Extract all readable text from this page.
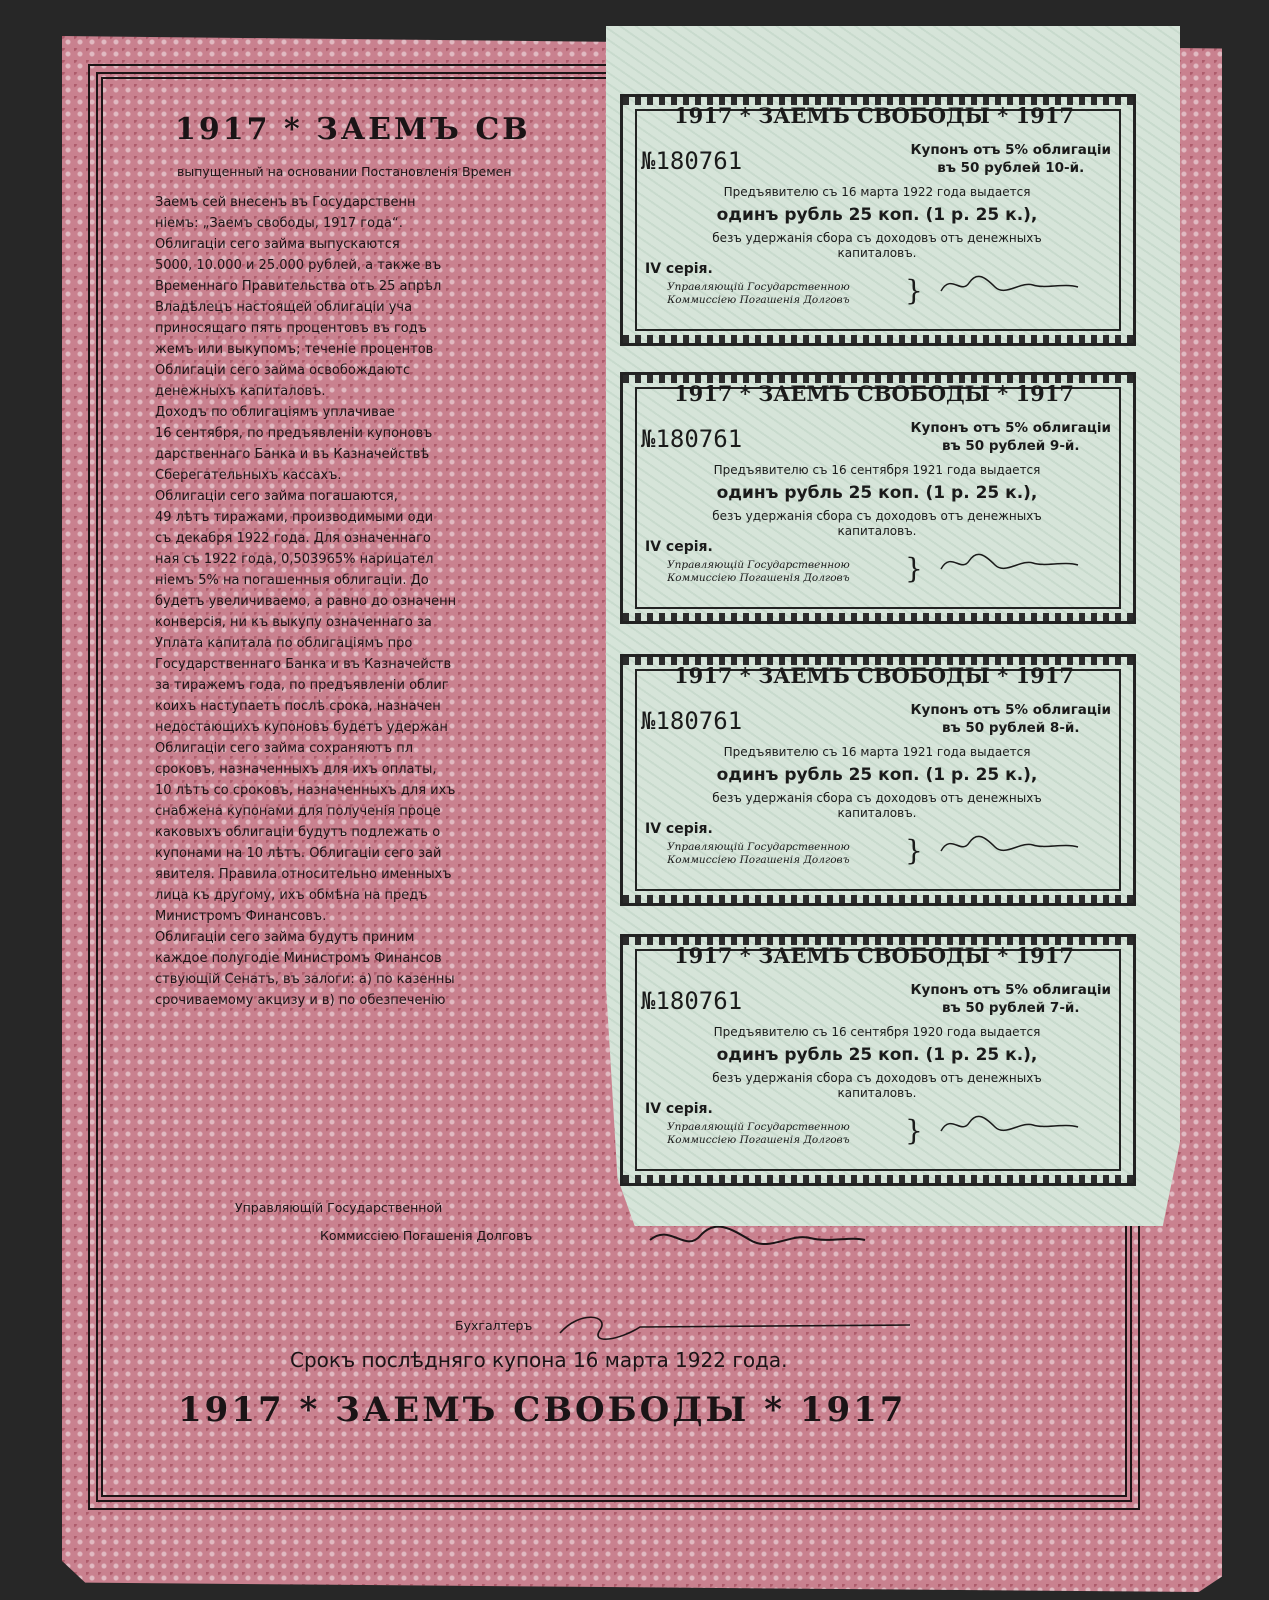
1917 * ЗАЕМЪ СВ
выпущенный на основании Постановленія Времен

Заемъ сей внесенъ въ Государственн

ніемъ: „Заемъ свободы, 1917 года“.

Облигаціи сего займа выпускаются

5000, 10.000 и 25.000 рублей, а также въ

Временнаго Правительства отъ 25 апрѣл

Владѣлецъ настоящей облигаціи уча

приносящаго пять процентовъ въ годъ

жемъ или выкупомъ; теченіе процентов

Облигаціи сего займа освобождаютс

денежныхъ капиталовъ.

Доходъ по облигаціямъ уплачивае

16 сентября, по предъявленіи купоновъ

дарственнаго Банка и въ Казначействѣ

Сберегательныхъ кассахъ.

Облигаціи сего займа погашаются,

49 лѣтъ тиражами, производимыми оди

съ декабря 1922 года. Для означеннаго

ная съ 1922 года, 0,503965% нарицател

ніемъ 5% на погашенныя облигаціи. До

будетъ увеличиваемо, а равно до означенн

конверсія, ни къ выкупу означеннаго за

Уплата капитала по облигаціямъ про

Государственнаго Банка и въ Казначейств

за тиражемъ года, по предъявленіи облиг

коихъ наступаетъ послѣ срока, назначен

недостающихъ купоновъ будетъ удержан

Облигаціи сего займа сохраняютъ пл

сроковъ, назначенныхъ для ихъ оплаты,

10 лѣтъ со сроковъ, назначенныхъ для ихъ

снабжена купонами для полученія проце

каковыхъ облигаціи будутъ подлежать о

купонами на 10 лѣтъ. Облигаціи сего зай

явителя. Правила относительно именныхъ

лица къ другому, ихъ обмѣна на предъ

Министромъ Финансовъ.

Облигаціи сего займа будутъ приним

каждое полугодіе Министромъ Финансов

ствующій Сенатъ, въ залоги: а) по казенны

срочиваемому акцизу и в) по обезпеченію

Управляющій Государственной
Коммиссіею Погашенія Долговъ
Бухгалтеръ
Срокъ послѣдняго купона 16 марта 1922 года.
1917 * ЗАЕМЪ СВОБОДЫ * 1917
1917 * ЗАЕМЪ СВОБОДЫ * 1917
№180761	Купонъ отъ 5% облигаціи
въ 50 рублей 10-й.
Предъявителю съ 16 марта 1922 года выдается
одинъ рубль 25 коп. (1 р. 25 к.),
безъ удержанія сбора съ доходовъ отъ денежныхъ
капиталовъ.
IV серія.
Управляющій Государственною
Коммиссіею Погашенія Долговъ }
1917 * ЗАЕМЪ СВОБОДЫ * 1917
№180761	Купонъ отъ 5% облигаціи
въ 50 рублей 9-й.
Предъявителю съ 16 сентября 1921 года выдается
одинъ рубль 25 коп. (1 р. 25 к.),
безъ удержанія сбора съ доходовъ отъ денежныхъ
капиталовъ.
IV серія.
Управляющій Государственною
Коммиссіею Погашенія Долговъ }
1917 * ЗАЕМЪ СВОБОДЫ * 1917
№180761	Купонъ отъ 5% облигаціи
въ 50 рублей 8-й.
Предъявителю съ 16 марта 1921 года выдается
одинъ рубль 25 коп. (1 р. 25 к.),
безъ удержанія сбора съ доходовъ отъ денежныхъ
капиталовъ.
IV серія.
Управляющій Государственною
Коммиссіею Погашенія Долговъ }
1917 * ЗАЕМЪ СВОБОДЫ * 1917
№180761	Купонъ отъ 5% облигаціи
въ 50 рублей 7-й.
Предъявителю съ 16 сентября 1920 года выдается
одинъ рубль 25 коп. (1 р. 25 к.),
безъ удержанія сбора съ доходовъ отъ денежныхъ
капиталовъ.
IV серія.
Управляющій Государственною
Коммиссіею Погашенія Долговъ }
